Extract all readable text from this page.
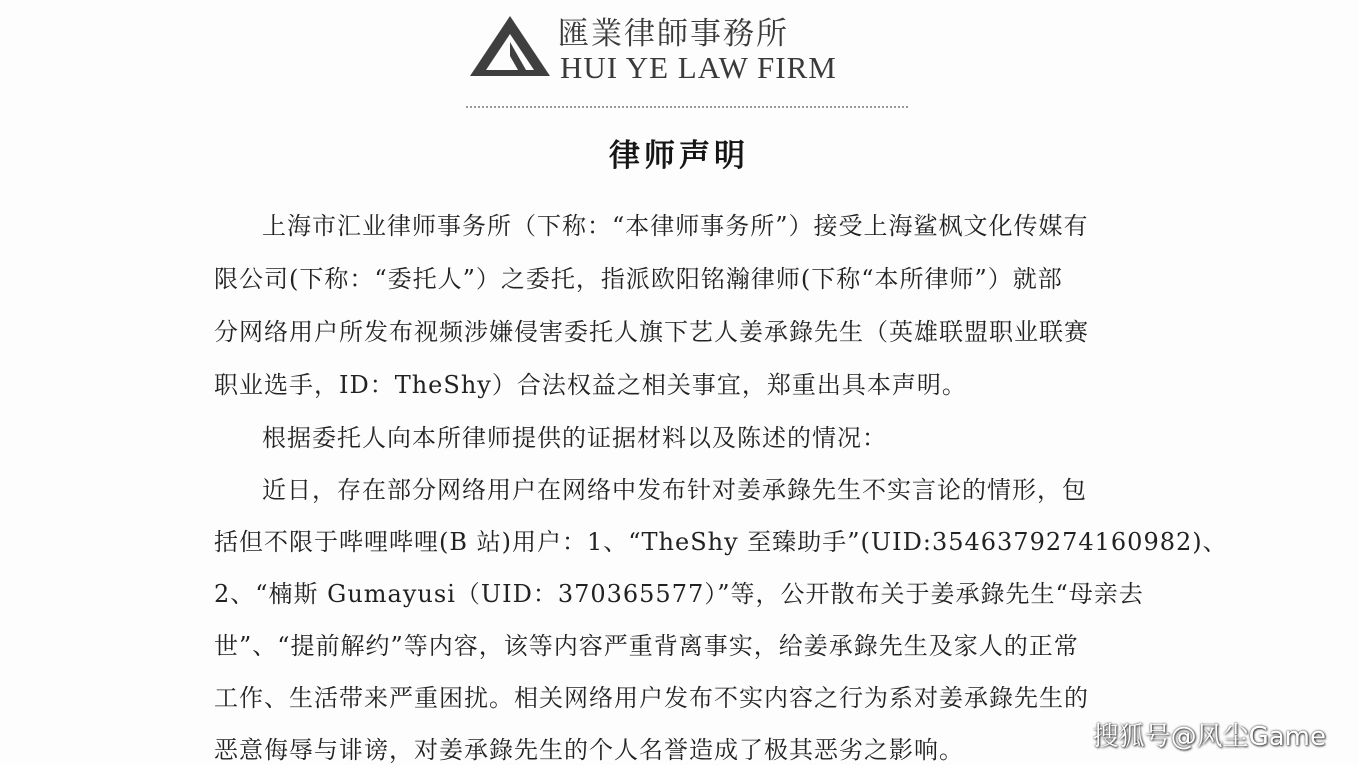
匯業律師事務所
HUI YE LAW FIRM
律师声明
上海市汇业律师事务所（下称：“本律师事务所”）接受上海鲨枫文化传媒有
限公司(下称：“委托人”）之委托，指派欧阳铭瀚律师(下称“本所律师”）就部
分网络用户所发布视频涉嫌侵害委托人旗下艺人姜承錄先生（英雄联盟职业联赛
职业选手，ID：TheShy）合法权益之相关事宜，郑重出具本声明。
根据委托人向本所律师提供的证据材料以及陈述的情况：
近日，存在部分网络用户在网络中发布针对姜承錄先生不实言论的情形，包
括但不限于哔哩哔哩(B 站)用户：1、“TheShy 至臻助手”(UID:3546379274160982)、
2、“楠斯 Gumayusi（UID：370365577）”等，公开散布关于姜承錄先生“母亲去
世”、“提前解约”等内容，该等内容严重背离事实，给姜承錄先生及家人的正常
工作、生活带来严重困扰。相关网络用户发布不实内容之行为系对姜承錄先生的
恶意侮辱与诽谤，对姜承錄先生的个人名誉造成了极其恶劣之影响。	搜狐号@风尘Game
